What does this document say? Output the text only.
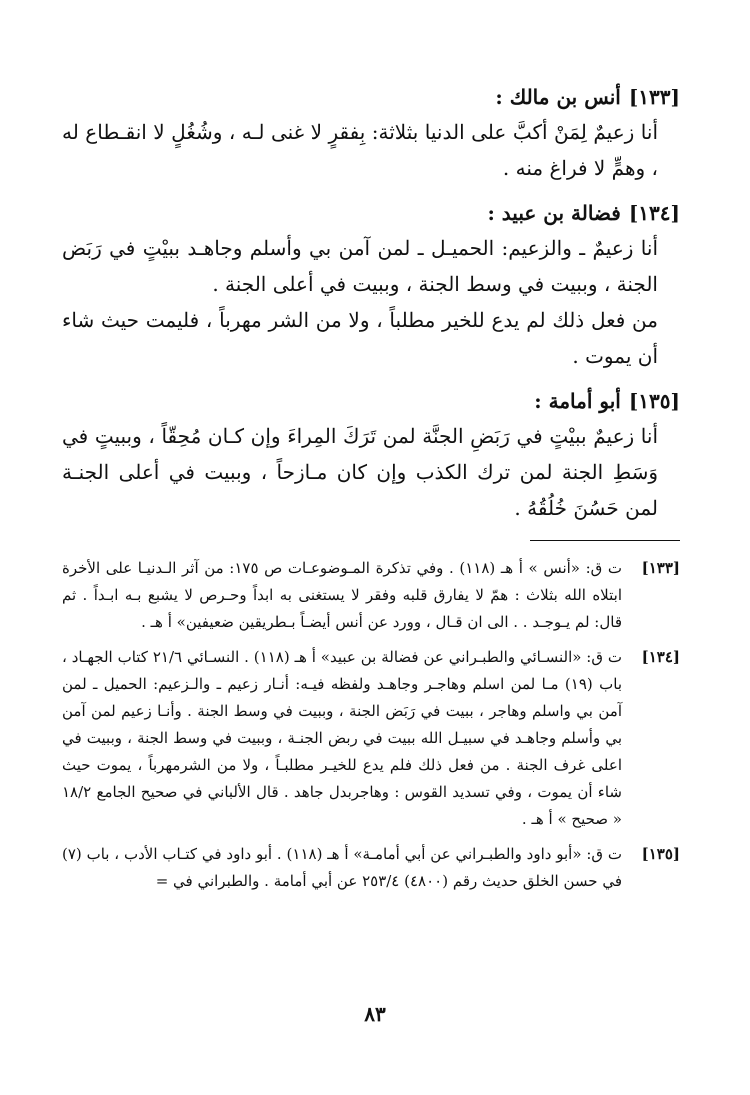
[ ١٣٣ ]أنس بن مالك :

أنا زعيمٌ لِمَنْ أكبَّ على الدنيا بثلاثة: بِفقرٍ لا غنى لـه ، وشُغُلٍ لا انقـطاع له ، وهمٍّ لا فراغ منه .

[ ١٣٤ ]فضالة بن عبيد :

أنا زعيمٌ ـ والزعيم: الحميـل ـ لمن آمن بي وأسلم وجاهـد ببيْتٍ في رَبَض الجنة ، وببيت في وسط الجنة ، وببيت في أعلى الجنة .

من فعل ذلك لم يدع للخير مطلباً ، ولا من الشر مهرباً ، فليمت حيث شاء أن يموت .

[ ١٣٥ ]أبو أمامة :

أنا زعيمٌ ببيْتٍ في رَبَضِ الجنَّة لمن تَرَكَ المِراءَ وإن كـان مُحِقّاً ، وببيتٍ في وَسَطِ الجنة لمن ترك الكذب وإن كان مـازحاً ، وببيت في أعلى الجنـة لمن حَسُنَ خُلُقُهُ .

[ ١٣٣ ]
ت ق: «أنس » أ هـ (١١٨) . وفي تذكرة المـوضوعـات ص ١٧٥: من آثر الـدنيـا على الأخرة ابتلاه الله بثلاث : همّ لا يفارق قلبه وفقر لا يستغنى به ابداً وحـرص لا يشبع بـه ابـداً . ثم قال: لم يـوجـد . . الى ان قـال ، وورد عن أنس أيضـاً بـطريقين ضعيفين» أ هـ .
[ ١٣٤ ]
ت ق: «النسـائي والطبـراني عن فضالة بن عبيد» أ هـ (١١٨) . النسـائي ٢١/٦ كتاب الجهـاد ، باب (١٩) مـا لمن اسلم وهاجـر وجاهـد ولفظه فيـه: أنـار زعيم ـ والـزعيم: الحميل ـ لمن آمن بي واسلم وهاجر ، ببيت في رَبَض الجنة ، وببيت في وسط الجنة . وأنـا زعيم لمن آمن بي وأسلم وجاهـد في سبيـل الله ببيت في ربض الجنـة ، وببيت في وسط الجنة ، وببيت في اعلى غرف الجنة . من فعل ذلك فلم يدع للخيـر مطلبـاً ، ولا من الشرمهرباً ، يموت حيث شاء أن يموت ، وفي تسديد القوس : وهاجربدل جاهد . قال الألباني في صحيح الجامع ١٨/٢ « صحيح » أ هـ .
[ ١٣٥ ]
ت ق: «أبو داود والطبـراني عن أبي أمامـة» أ هـ (١١٨) . أبو داود في كتـاب الأدب ، باب (٧) في حسن الخلق حديث رقم (٤٨٠٠) ٢٥٣/٤ عن أبي أمامة . والطبراني في =
٨٣
